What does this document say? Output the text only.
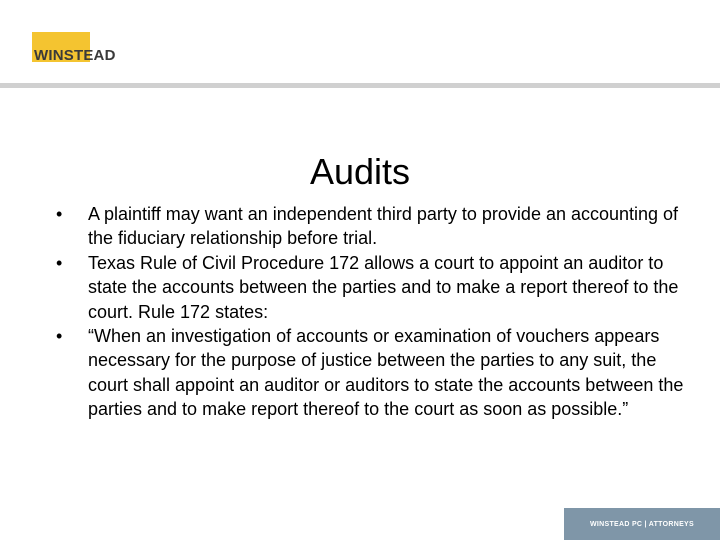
WINSTEAD
Audits
•	A plaintiff may want an independent third party to provide an accounting of the fiduciary relationship before trial.
•	Texas Rule of Civil Procedure 172 allows a court to appoint an auditor to state the accounts between the parties and to make a report thereof to the court. Rule 172 states:
•	“When an investigation of accounts or examination of vouchers appears necessary for the purpose of justice between the parties to any suit, the court shall appoint an auditor or auditors to state the accounts between the parties and to make report thereof to the court as soon as possible.”
WINSTEAD PC | ATTORNEYS
